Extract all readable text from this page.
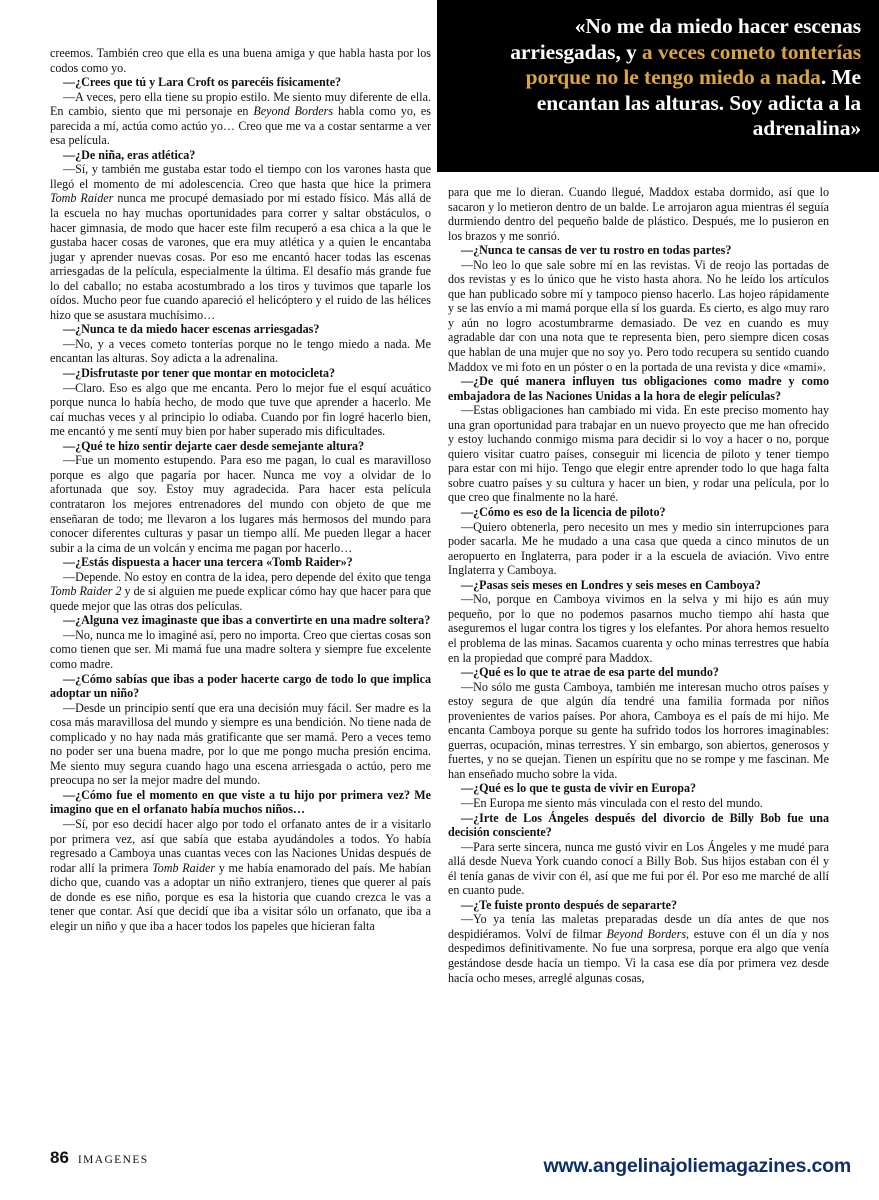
«No me da miedo hacer escenas arriesgadas, y a veces cometo tonterías porque no le tengo miedo a nada. Me encantan las alturas. Soy adicta a la adrenalina»

creemos. También creo que ella es una buena amiga y que habla hasta por los codos como yo.

—¿Crees que tú y Lara Croft os parecéis físicamente?

—A veces, pero ella tiene su propio estilo. Me siento muy diferente de ella. En cambio, siento que mi personaje en Beyond Borders habla como yo, es parecida a mí, actúa como actúo yo… Creo que me va a costar sentarme a ver esa película.

—¿De niña, eras atlética?

—Sí, y también me gustaba estar todo el tiempo con los varones hasta que llegó el momento de mi adolescencia. Creo que hasta que hice la primera Tomb Raider nunca me procupé demasiado por mi estado físico. Más allá de la escuela no hay muchas oportunidades para correr y saltar obstáculos, o hacer gimnasia, de modo que hacer este film recuperó a esa chica a la que le gustaba hacer cosas de varones, que era muy atlética y a quien le encantaba jugar y aprender nuevas cosas. Por eso me encantó hacer todas las escenas arriesgadas de la película, especialmente la última. El desafío más grande fue lo del caballo; no estaba acostumbrado a los tiros y tuvimos que taparle los oídos. Mucho peor fue cuando apareció el helicóptero y el ruido de las hélices hizo que se asustara muchísimo…

—¿Nunca te da miedo hacer escenas arriesgadas?

—No, y a veces cometo tonterías porque no le tengo miedo a nada. Me encantan las alturas. Soy adicta a la adrenalina.

—¿Disfrutaste por tener que montar en motocicleta?

—Claro. Eso es algo que me encanta. Pero lo mejor fue el esquí acuático porque nunca lo había hecho, de modo que tuve que aprender a hacerlo. Me caí muchas veces y al principio lo odiaba. Cuando por fin logré hacerlo bien, me encantó y me sentí muy bien por haber superado mis dificultades.

—¿Qué te hizo sentir dejarte caer desde semejante altura?

—Fue un momento estupendo. Para eso me pagan, lo cual es maravilloso porque es algo que pagaría por hacer. Nunca me voy a olvidar de lo afortunada que soy. Estoy muy agradecida. Para hacer esta película contrataron los mejores entrenadores del mundo con objeto de que me enseñaran de todo; me llevaron a los lugares más hermosos del mundo para conocer diferentes culturas y pasar un tiempo allí. Me pueden llegar a hacer subir a la cima de un volcán y encima me pagan por hacerlo…

—¿Estás dispuesta a hacer una tercera «Tomb Raider»?

—Depende. No estoy en contra de la idea, pero depende del éxito que tenga Tomb Raider 2 y de si alguien me puede explicar cómo hay que hacer para que quede mejor que las otras dos películas.

—¿Alguna vez imaginaste que ibas a convertirte en una madre soltera?

—No, nunca me lo imaginé así, pero no importa. Creo que ciertas cosas son como tienen que ser. Mi mamá fue una madre soltera y siempre fue excelente como madre.

—¿Cómo sabías que ibas a poder hacerte cargo de todo lo que implica adoptar un niño?

—Desde un principio sentí que era una decisión muy fácil. Ser madre es la cosa más maravillosa del mundo y siempre es una bendición. No tiene nada de complicado y no hay nada más gratificante que ser mamá. Pero a veces temo no poder ser una buena madre, por lo que me pongo mucha presión encima. Me siento muy segura cuando hago una escena arriesgada o actúo, pero me preocupa no ser la mejor madre del mundo.

—¿Cómo fue el momento en que viste a tu hijo por primera vez? Me imagino que en el orfanato había muchos niños…

—Sí, por eso decidí hacer algo por todo el orfanato antes de ir a visitarlo por primera vez, así que sabía que estaba ayudándoles a todos. Yo había regresado a Camboya unas cuantas veces con las Naciones Unidas después de rodar allí la primera Tomb Raider y me había enamorado del país. Me habían dicho que, cuando vas a adoptar un niño extranjero, tienes que querer al país de donde es ese niño, porque es esa la historia que cuando crezca le vas a tener que contar. Así que decidí que iba a visitar sólo un orfanato, que iba a elegir un niño y que iba a hacer todos los papeles que hicieran falta

para que me lo dieran. Cuando llegué, Maddox estaba dormido, así que lo sacaron y lo metieron dentro de un balde. Le arrojaron agua mientras él seguía durmiendo dentro del pequeño balde de plástico. Después, me lo pusieron en los brazos y me sonrió.

—¿Nunca te cansas de ver tu rostro en todas partes?

—No leo lo que sale sobre mí en las revistas. Vi de reojo las portadas de dos revistas y es lo único que he visto hasta ahora. No he leído los artículos que han publicado sobre mí y tampoco pienso hacerlo. Las hojeo rápidamente y se las envío a mi mamá porque ella sí los guarda. Es cierto, es algo muy raro y aún no logro acostumbrarme demasiado. De vez en cuando es muy agradable dar con una nota que te representa bien, pero siempre dicen cosas que hablan de una mujer que no soy yo. Pero todo recupera su sentido cuando Maddox ve mi foto en un póster o en la portada de una revista y dice «mami».

—¿De qué manera influyen tus obligaciones como madre y como embajadora de las Naciones Unidas a la hora de elegir películas?

—Estas obligaciones han cambiado mi vida. En este preciso momento hay una gran oportunidad para trabajar en un nuevo proyecto que me han ofrecido y estoy luchando conmigo misma para decidir si lo voy a hacer o no, porque quiero visitar cuatro países, conseguir mi licencia de piloto y tener tiempo para estar con mi hijo. Tengo que elegir entre aprender todo lo que haga falta sobre cuatro países y su cultura y hacer un bien, y rodar una película, por lo que creo que finalmente no la haré.

—¿Cómo es eso de la licencia de piloto?

—Quiero obtenerla, pero necesito un mes y medio sin interrupciones para poder sacarla. Me he mudado a una casa que queda a cinco minutos de un aeropuerto en Inglaterra, para poder ir a la escuela de aviación. Vivo entre Inglaterra y Camboya.

—¿Pasas seis meses en Londres y seis meses en Camboya?

—No, porque en Camboya vivimos en la selva y mi hijo es aún muy pequeño, por lo que no podemos pasarnos mucho tiempo ahí hasta que aseguremos el lugar contra los tigres y los elefantes. Por ahora hemos resuelto el problema de las minas. Sacamos cuarenta y ocho minas terrestres que había en la propiedad que compré para Maddox.

—¿Qué es lo que te atrae de esa parte del mundo?

—No sólo me gusta Camboya, también me interesan mucho otros países y estoy segura de que algún día tendré una familia formada por niños provenientes de varios países. Por ahora, Camboya es el país de mi hijo. Me encanta Camboya porque su gente ha sufrido todos los horrores imaginables: guerras, ocupación, minas terrestres. Y sin embargo, son abiertos, generosos y fuertes, y no se quejan. Tienen un espíritu que no se rompe y me fascinan. Me han enseñado mucho sobre la vida.

—¿Qué es lo que te gusta de vivir en Europa?

—En Europa me siento más vinculada con el resto del mundo.

—¿Irte de Los Ángeles después del divorcio de Billy Bob fue una decisión consciente?

—Para serte sincera, nunca me gustó vivir en Los Ángeles y me mudé para allá desde Nueva York cuando conocí a Billy Bob. Sus hijos estaban con él y él tenía ganas de vivir con él, así que me fui por él. Por eso me marché de allí en cuanto pude.

—¿Te fuiste pronto después de separarte?

—Yo ya tenía las maletas preparadas desde un día antes de que nos despidiéramos. Volví de filmar Beyond Borders, estuve con él un día y nos despedimos definitivamente. No fue una sorpresa, porque era algo que venía gestándose desde hacía un tiempo. Vi la casa ese día por primera vez desde hacía ocho meses, arreglé algunas cosas,

86 IMAGENES	www.angelinajoliemagazines.com
